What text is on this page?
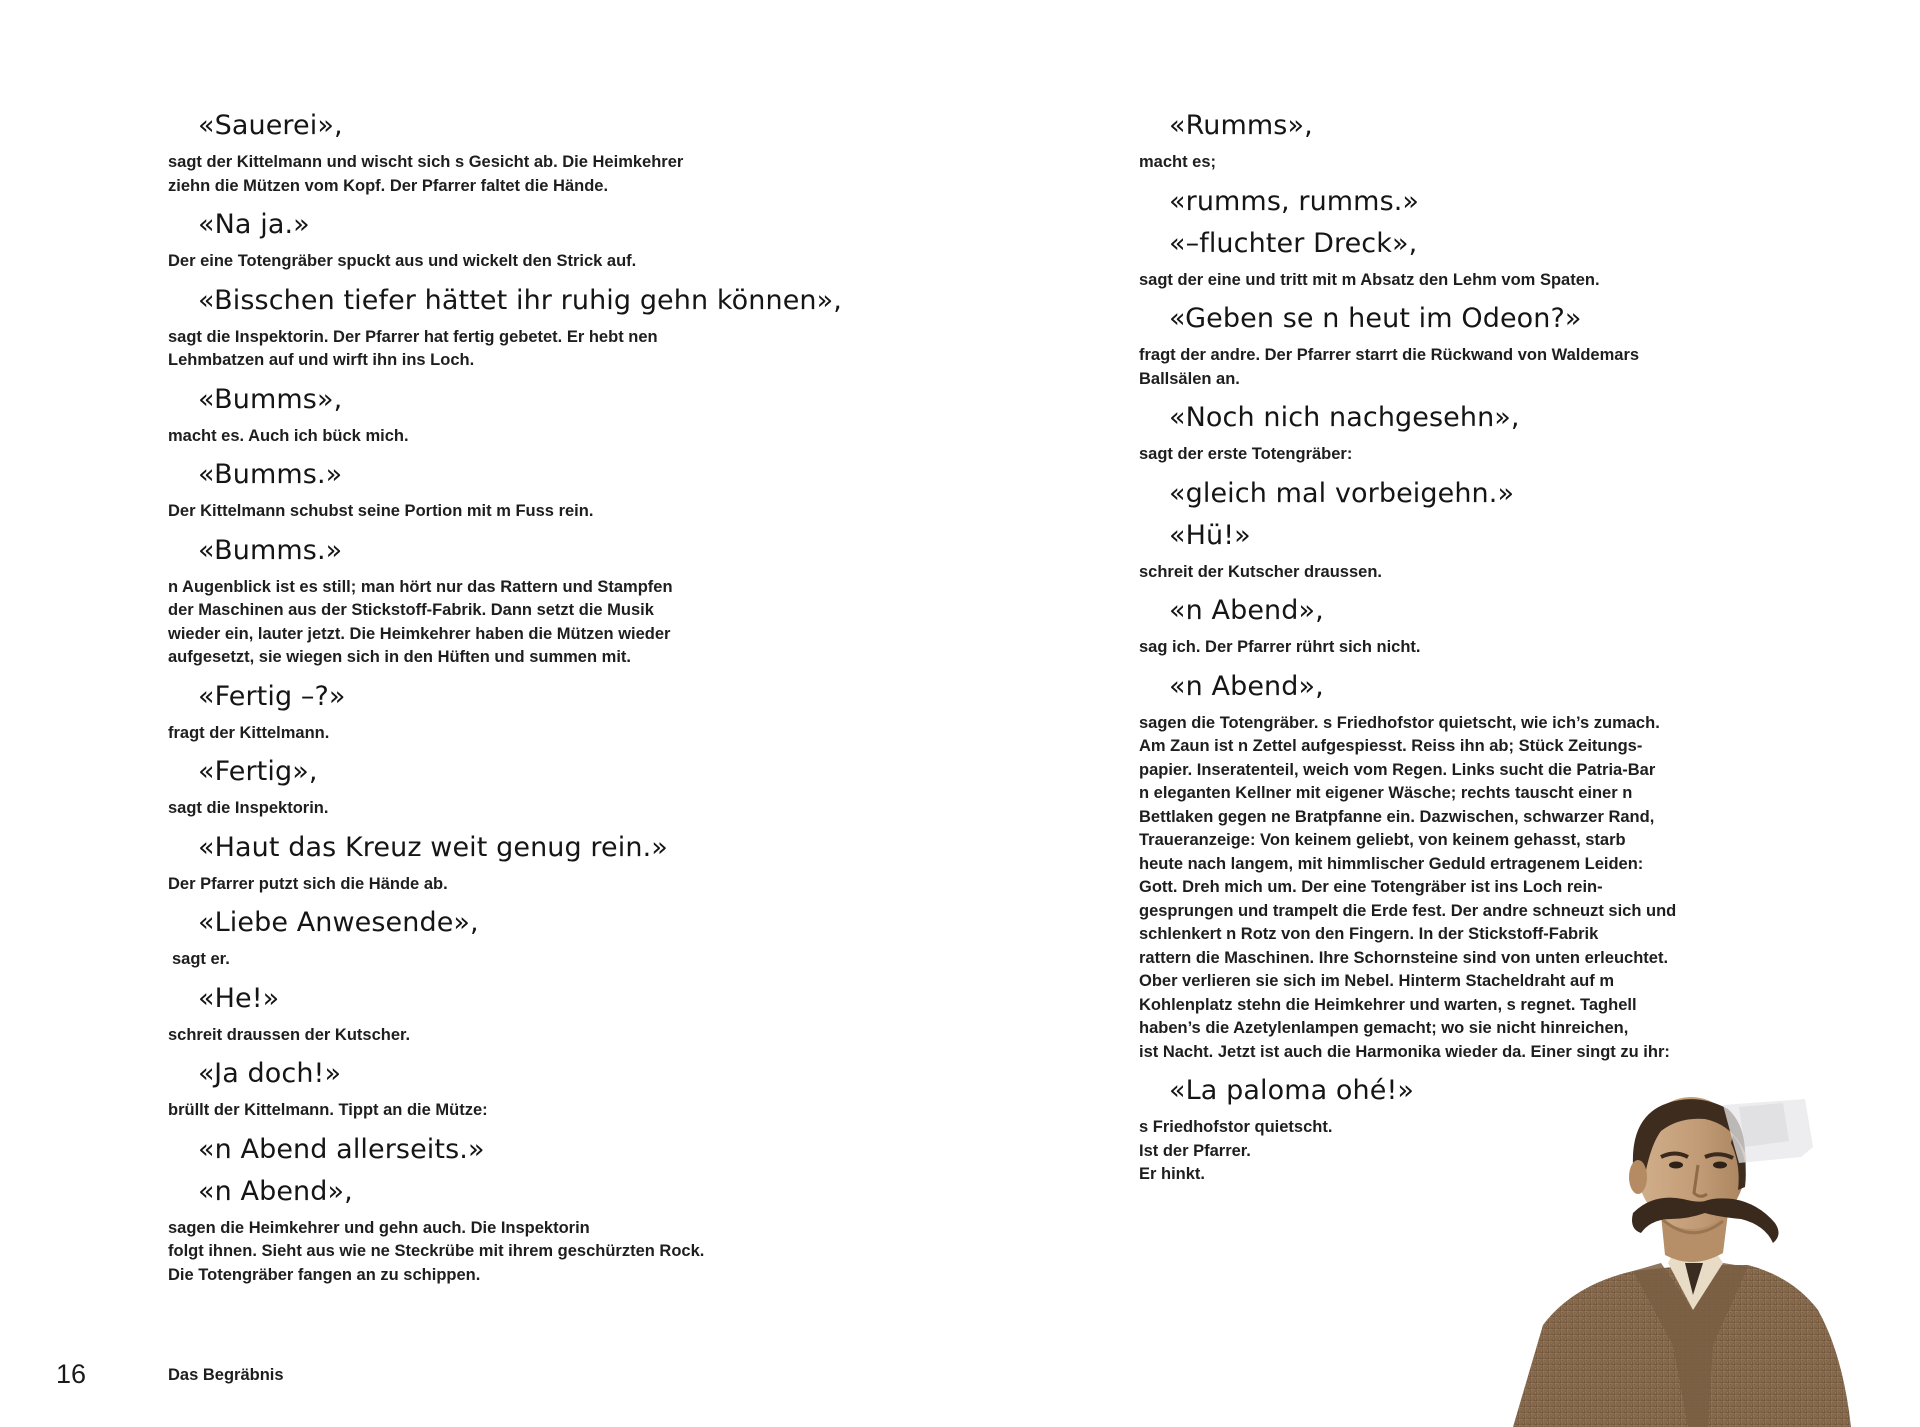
«Sauerei»,
sagt der Kittelmann und wischt sich s Gesicht ab. Die Heimkehrer
ziehn die Mützen vom Kopf. Der Pfarrer faltet die Hände.
«Na ja.»
Der eine Totengräber spuckt aus und wickelt den Strick auf.
«Bisschen tiefer hättet ihr ruhig gehn können»,
sagt die Inspektorin. Der Pfarrer hat fertig gebetet. Er hebt nen
Lehmbatzen auf und wirft ihn ins Loch.
«Bumms»,
macht es. Auch ich bück mich.
«Bumms.»
Der Kittelmann schubst seine Portion mit m Fuss rein.
«Bumms.»
n Augenblick ist es still; man hört nur das Rattern und Stampfen
der Maschinen aus der Stickstoff-Fabrik. Dann setzt die Musik
wieder ein, lauter jetzt. Die Heimkehrer haben die Mützen wieder
aufgesetzt, sie wiegen sich in den Hüften und summen mit.
«Fertig –?»
fragt der Kittelmann.
«Fertig»,
sagt die Inspektorin.
«Haut das Kreuz weit genug rein.»
Der Pfarrer putzt sich die Hände ab.
«Liebe Anwesende»,
sagt er.
«He!»
schreit draussen der Kutscher.
«Ja doch!»
brüllt der Kittelmann. Tippt an die Mütze:
«n Abend allerseits.»
«n Abend»,
sagen die Heimkehrer und gehn auch. Die Inspektorin
folgt ihnen. Sieht aus wie ne Steckrübe mit ihrem geschürzten Rock.
Die Totengräber fangen an zu schippen.
16	Das Begräbnis
«Rumms»,
macht es;
«rumms, rumms.»
«–fluchter Dreck»,
sagt der eine und tritt mit m Absatz den Lehm vom Spaten.
«Geben se n heut im Odeon?»
fragt der andre. Der Pfarrer starrt die Rückwand von Waldemars
Ballsälen an.
«Noch nich nachgesehn»,
sagt der erste Totengräber:
«gleich mal vorbeigehn.»
«Hü!»
schreit der Kutscher draussen.
«n Abend»,
sag ich. Der Pfarrer rührt sich nicht.
«n Abend»,
sagen die Totengräber. s Friedhofstor quietscht, wie ich’s zumach.
Am Zaun ist n Zettel aufgespiesst. Reiss ihn ab; Stück Zeitungs-
papier. Inseratenteil, weich vom Regen. Links sucht die Patria-Bar
n eleganten Kellner mit eigener Wäsche; rechts tauscht einer n
Bettlaken gegen ne Bratpfanne ein. Dazwischen, schwarzer Rand,
Traueranzeige: Von keinem geliebt, von keinem gehasst, starb
heute nach langem, mit himmlischer Geduld ertragenem Leiden:
Gott. Dreh mich um. Der eine Totengräber ist ins Loch rein-
gesprungen und trampelt die Erde fest. Der andre schneuzt sich und
schlenkert n Rotz von den Fingern. In der Stickstoff-Fabrik
rattern die Maschinen. Ihre Schornsteine sind von unten erleuchtet.
Ober verlieren sie sich im Nebel. Hinterm Stacheldraht auf m
Kohlenplatz stehn die Heimkehrer und warten, s regnet. Taghell
haben’s die Azetylenlampen gemacht; wo sie nicht hinreichen,
ist Nacht. Jetzt ist auch die Harmonika wieder da. Einer singt zu ihr:
«La paloma ohé!»
s Friedhofstor quietscht.
Ist der Pfarrer.
Er hinkt.
